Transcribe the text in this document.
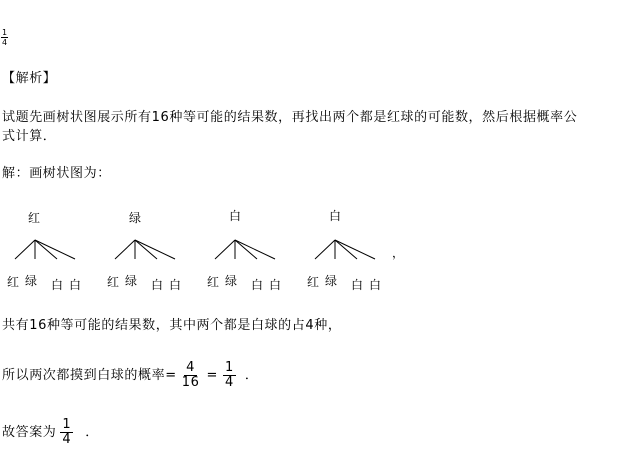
$\frac{1}{4}$
【解析】
试题先画树状图展示所有16种等可能的结果数，再找出两个都是红球的可能数，然后根据概率公
式计算．
解：画树状图为：
红	绿	白	白
红 绿 白 白 红 绿 白 白 红 绿 白 白 红 绿 白 白
，
共有16种等可能的结果数，其中两个都是白球的占4种，
所以两次都摸到白球的概率= $\frac{4}{16} = \frac{1}{4}$ ．
故答案为 $\frac{1}{4}$ ．
